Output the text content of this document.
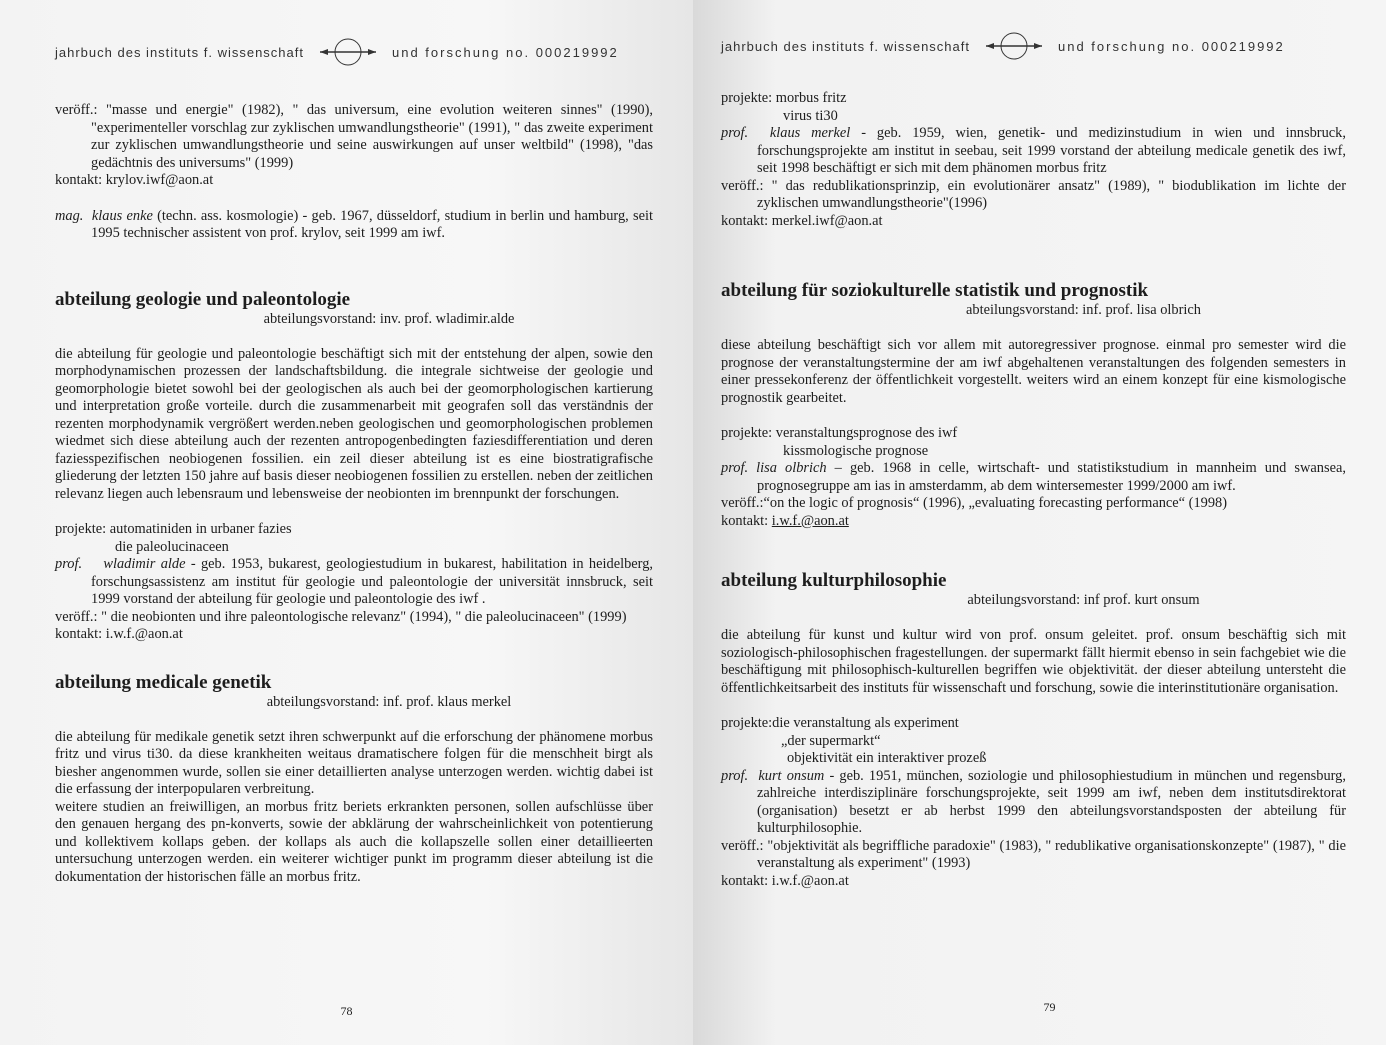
jahrbuch des instituts f. wissenschaft	und forschung no. 000219992

veröff.: "masse und energie" (1982), " das universum, eine evolution weiteren sinnes" (1990), "experimenteller vorschlag zur zyklischen umwandlungstheorie" (1991), " das zweite experiment zur zyklischen umwandlungstheorie und seine auswirkungen auf unser weltbild" (1998), "das gedächtnis des universums" (1999)

kontakt: krylov.iwf@aon.at

mag. klaus enke (techn. ass. kosmologie) - geb. 1967, düsseldorf, studium in berlin und hamburg, seit 1995 technischer assistent von prof. krylov, seit 1999 am iwf.

abteilung geologie und paleontologie

abteilungsvorstand: inv. prof. wladimir.alde

die abteilung für geologie und paleontologie beschäftigt sich mit der entstehung der alpen, sowie den morphodynamischen prozessen der landschaftsbildung. die integrale sichtweise der geologie und geomorphologie bietet sowohl bei der geologischen als auch bei der geomorphologischen kartierung und interpretation große vorteile. durch die zusammenarbeit mit geografen soll das verständnis der rezenten morphodynamik vergrößert werden.neben geologischen und geomorphologischen problemen wiedmet sich diese abteilung auch der rezenten antropogenbedingten faziesdifferentiation und deren faziesspezifischen neobiogenen fossilien. ein zeil dieser abteilung ist es eine biostratigrafische gliederung der letzten 150 jahre auf basis dieser neobiogenen fossilien zu erstellen. neben der zeitlichen relevanz liegen auch lebensraum und lebensweise der neobionten im brennpunkt der forschungen.

projekte: automatiniden in urbaner fazies

die paleolucinaceen

prof. wladimir alde - geb. 1953, bukarest, geologiestudium in bukarest, habilitation in heidelberg, forschungsassistenz am institut für geologie und paleontologie der universität innsbruck, seit 1999 vorstand der abteilung für geologie und paleontologie des iwf .

veröff.: " die neobionten und ihre paleontologische relevanz" (1994), " die paleolucinaceen" (1999)

kontakt: i.w.f.@aon.at

abteilung medicale genetik

abteilungsvorstand: inf. prof. klaus merkel

die abteilung für medikale genetik setzt ihren schwerpunkt auf die erforschung der phänomene morbus fritz und virus ti30. da diese krankheiten weitaus dramatischere folgen für die menschheit birgt als biesher angenommen wurde, sollen sie einer detaillierten analyse unterzogen werden. wichtig dabei ist die erfassung der interpopularen verbreitung.

weitere studien an freiwilligen, an morbus fritz beriets erkrankten personen, sollen aufschlüsse über den genauen hergang des pn-konverts, sowie der abklärung der wahrscheinlichkeit von potentierung und kollektivem kollaps geben. der kollaps als auch die kollapszelle sollen einer detaillieerten untersuchung unterzogen werden. ein weiterer wichtiger punkt im programm dieser abteilung ist die dokumentation der historischen fälle an morbus fritz.

78
jahrbuch des instituts f. wissenschaft	und forschung no. 000219992

projekte: morbus fritz

virus ti30

prof. klaus merkel - geb. 1959, wien, genetik- und medizinstudium in wien und innsbruck, forschungsprojekte am institut in seebau, seit 1999 vorstand der abteilung medicale genetik des iwf, seit 1998 beschäftigt er sich mit dem phänomen morbus fritz

veröff.: " das redublikationsprinzip, ein evolutionärer ansatz" (1989), " biodublikation im lichte der zyklischen umwandlungstheorie"(1996)

kontakt: merkel.iwf@aon.at

abteilung für soziokulturelle statistik und prognostik

abteilungsvorstand: inf. prof. lisa olbrich

diese abteilung beschäftigt sich vor allem mit autoregressiver prognose. einmal pro semester wird die prognose der veranstaltungstermine der am iwf abgehaltenen veranstaltungen des folgenden semesters in einer pressekonferenz der öffentlichkeit vorgestellt. weiters wird an einem konzept für eine kismologische prognostik gearbeitet.

projekte: veranstaltungsprognose des iwf

kissmologische prognose

prof. lisa olbrich – geb. 1968 in celle, wirtschaft- und statistikstudium in mannheim und swansea, prognosegruppe am ias in amsterdamm, ab dem wintersemester 1999/2000 am iwf.

veröff.:“on the logic of prognosis“ (1996), „evaluating forecasting performance“ (1998)

kontakt: i.w.f.@aon.at

abteilung kulturphilosophie

abteilungsvorstand: inf prof. kurt onsum

die abteilung für kunst und kultur wird von prof. onsum geleitet. prof. onsum beschäftig sich mit soziologisch-philosophischen fragestellungen. der supermarkt fällt hiermit ebenso in sein fachgebiet wie die beschäftigung mit philosophisch-kulturellen begriffen wie objektivität. der dieser abteilung untersteht die öffentlichkeitsarbeit des instituts für wissenschaft und forschung, sowie die interinstitutionäre organisation.

projekte:die veranstaltung als experiment

„der supermarkt“

objektivität ein interaktiver prozeß

prof. kurt onsum - geb. 1951, münchen, soziologie und philosophiestudium in münchen und regensburg, zahlreiche interdisziplinäre forschungsprojekte, seit 1999 am iwf, neben dem institutsdirektorat (organisation) besetzt er ab herbst 1999 den abteilungsvorstandsposten der abteilung für kulturphilosophie.

veröff.: "objektivität als begriffliche paradoxie" (1983), " redublikative organisationskonzepte" (1987), " die veranstaltung als experiment" (1993)

kontakt: i.w.f.@aon.at

79
